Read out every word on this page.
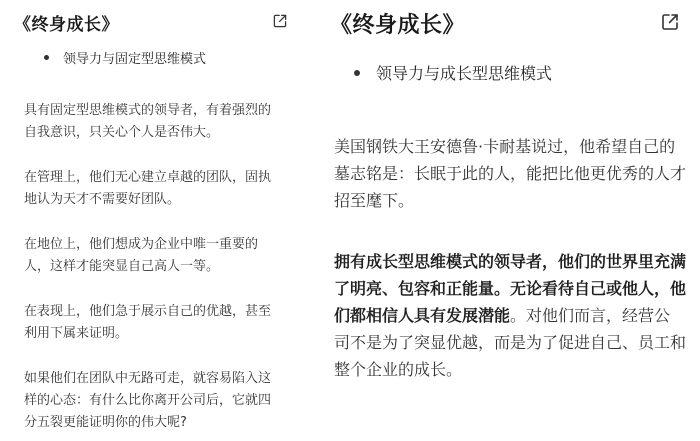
《终身成长》
领导力与固定型思维模式

具有固定型思维模式的领导者，有着强烈的自我意识，只关心个人是否伟大。

在管理上，他们无心建立卓越的团队，固执地认为天才不需要好团队。

在地位上，他们想成为企业中唯一重要的人，这样才能突显自己高人一等。

在表现上，他们急于展示自己的优越，甚至利用下属来证明。

如果他们在团队中无路可走，就容易陷入这样的心态：有什么比你离开公司后，它就四分五裂更能证明你的伟大呢?

《终身成长》
领导力与成长型思维模式

美国钢铁大王安德鲁·卡耐基说过，他希望自己的墓志铭是：长眠于此的人，能把比他更优秀的人才招至麾下。

拥有成长型思维模式的领导者，他们的世界里充满了明亮、包容和正能量。无论看待自己或他人，他们都相信人具有发展潜能。对他们而言，经营公司不是为了突显优越，而是为了促进自己、员工和整个企业的成长。
